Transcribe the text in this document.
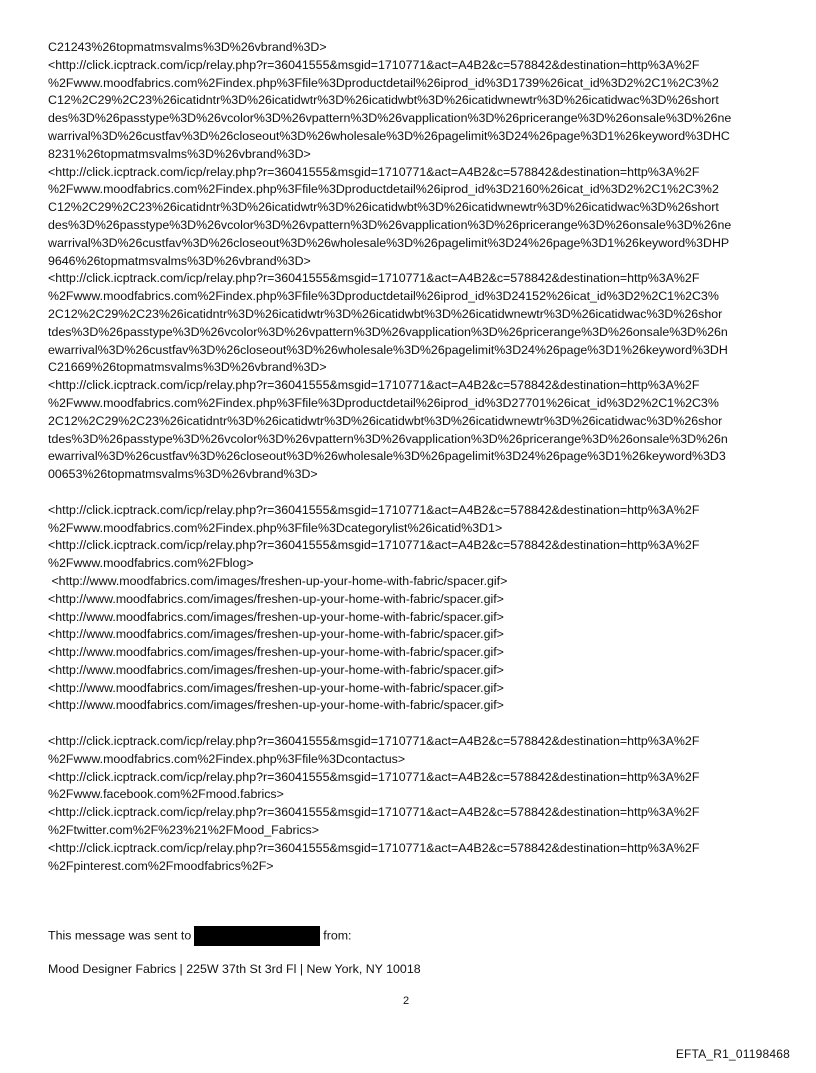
C21243%26topmatmsvalms%3D%26vbrand%3D>
<http://click.icptrack.com/icp/relay.php?r=36041555&msgid=1710771&act=A4B2&c=578842&destination=http%3A%2F
%2Fwww.moodfabrics.com%2Findex.php%3Ffile%3Dproductdetail%26iprod_id%3D1739%26icat_id%3D2%2C1%2C3%2
C12%2C29%2C23%26icatidntr%3D%26icatidwtr%3D%26icatidwbt%3D%26icatidwnewtr%3D%26icatidwac%3D%26short
des%3D%26passtype%3D%26vcolor%3D%26vpattern%3D%26vapplication%3D%26pricerange%3D%26onsale%3D%26ne
warrival%3D%26custfav%3D%26closeout%3D%26wholesale%3D%26pagelimit%3D24%26page%3D1%26keyword%3DHC
8231%26topmatmsvalms%3D%26vbrand%3D>
<http://click.icptrack.com/icp/relay.php?r=36041555&msgid=1710771&act=A4B2&c=578842&destination=http%3A%2F
%2Fwww.moodfabrics.com%2Findex.php%3Ffile%3Dproductdetail%26iprod_id%3D2160%26icat_id%3D2%2C1%2C3%2
C12%2C29%2C23%26icatidntr%3D%26icatidwtr%3D%26icatidwbt%3D%26icatidwnewtr%3D%26icatidwac%3D%26short
des%3D%26passtype%3D%26vcolor%3D%26vpattern%3D%26vapplication%3D%26pricerange%3D%26onsale%3D%26ne
warrival%3D%26custfav%3D%26closeout%3D%26wholesale%3D%26pagelimit%3D24%26page%3D1%26keyword%3DHP
9646%26topmatmsvalms%3D%26vbrand%3D>
<http://click.icptrack.com/icp/relay.php?r=36041555&msgid=1710771&act=A4B2&c=578842&destination=http%3A%2F
%2Fwww.moodfabrics.com%2Findex.php%3Ffile%3Dproductdetail%26iprod_id%3D24152%26icat_id%3D2%2C1%2C3%
2C12%2C29%2C23%26icatidntr%3D%26icatidwtr%3D%26icatidwbt%3D%26icatidwnewtr%3D%26icatidwac%3D%26shor
tdes%3D%26passtype%3D%26vcolor%3D%26vpattern%3D%26vapplication%3D%26pricerange%3D%26onsale%3D%26n
ewarrival%3D%26custfav%3D%26closeout%3D%26wholesale%3D%26pagelimit%3D24%26page%3D1%26keyword%3DH
C21669%26topmatmsvalms%3D%26vbrand%3D>
<http://click.icptrack.com/icp/relay.php?r=36041555&msgid=1710771&act=A4B2&c=578842&destination=http%3A%2F
%2Fwww.moodfabrics.com%2Findex.php%3Ffile%3Dproductdetail%26iprod_id%3D27701%26icat_id%3D2%2C1%2C3%
2C12%2C29%2C23%26icatidntr%3D%26icatidwtr%3D%26icatidwbt%3D%26icatidwnewtr%3D%26icatidwac%3D%26shor
tdes%3D%26passtype%3D%26vcolor%3D%26vpattern%3D%26vapplication%3D%26pricerange%3D%26onsale%3D%26n
ewarrival%3D%26custfav%3D%26closeout%3D%26wholesale%3D%26pagelimit%3D24%26page%3D1%26keyword%3D3
00653%26topmatmsvalms%3D%26vbrand%3D>
<http://click.icptrack.com/icp/relay.php?r=36041555&msgid=1710771&act=A4B2&c=578842&destination=http%3A%2F
%2Fwww.moodfabrics.com%2Findex.php%3Ffile%3Dcategorylist%26icatid%3D1>
<http://click.icptrack.com/icp/relay.php?r=36041555&msgid=1710771&act=A4B2&c=578842&destination=http%3A%2F
%2Fwww.moodfabrics.com%2Fblog>
<http://www.moodfabrics.com/images/freshen-up-your-home-with-fabric/spacer.gif>
<http://www.moodfabrics.com/images/freshen-up-your-home-with-fabric/spacer.gif>
<http://www.moodfabrics.com/images/freshen-up-your-home-with-fabric/spacer.gif>
<http://www.moodfabrics.com/images/freshen-up-your-home-with-fabric/spacer.gif>
<http://www.moodfabrics.com/images/freshen-up-your-home-with-fabric/spacer.gif>
<http://www.moodfabrics.com/images/freshen-up-your-home-with-fabric/spacer.gif>
<http://www.moodfabrics.com/images/freshen-up-your-home-with-fabric/spacer.gif>
<http://www.moodfabrics.com/images/freshen-up-your-home-with-fabric/spacer.gif>
<http://click.icptrack.com/icp/relay.php?r=36041555&msgid=1710771&act=A4B2&c=578842&destination=http%3A%2F
%2Fwww.moodfabrics.com%2Findex.php%3Ffile%3Dcontactus>
<http://click.icptrack.com/icp/relay.php?r=36041555&msgid=1710771&act=A4B2&c=578842&destination=http%3A%2F
%2Fwww.facebook.com%2Fmood.fabrics>
<http://click.icptrack.com/icp/relay.php?r=36041555&msgid=1710771&act=A4B2&c=578842&destination=http%3A%2F
%2Ftwitter.com%2F%23%21%2FMood_Fabrics>
<http://click.icptrack.com/icp/relay.php?r=36041555&msgid=1710771&act=A4B2&c=578842&destination=http%3A%2F
%2Fpinterest.com%2Fmoodfabrics%2F>
This message was sent to	from:
Mood Designer Fabrics | 225W 37th St 3rd Fl | New York, NY 10018
2
EFTA_R1_01198468
